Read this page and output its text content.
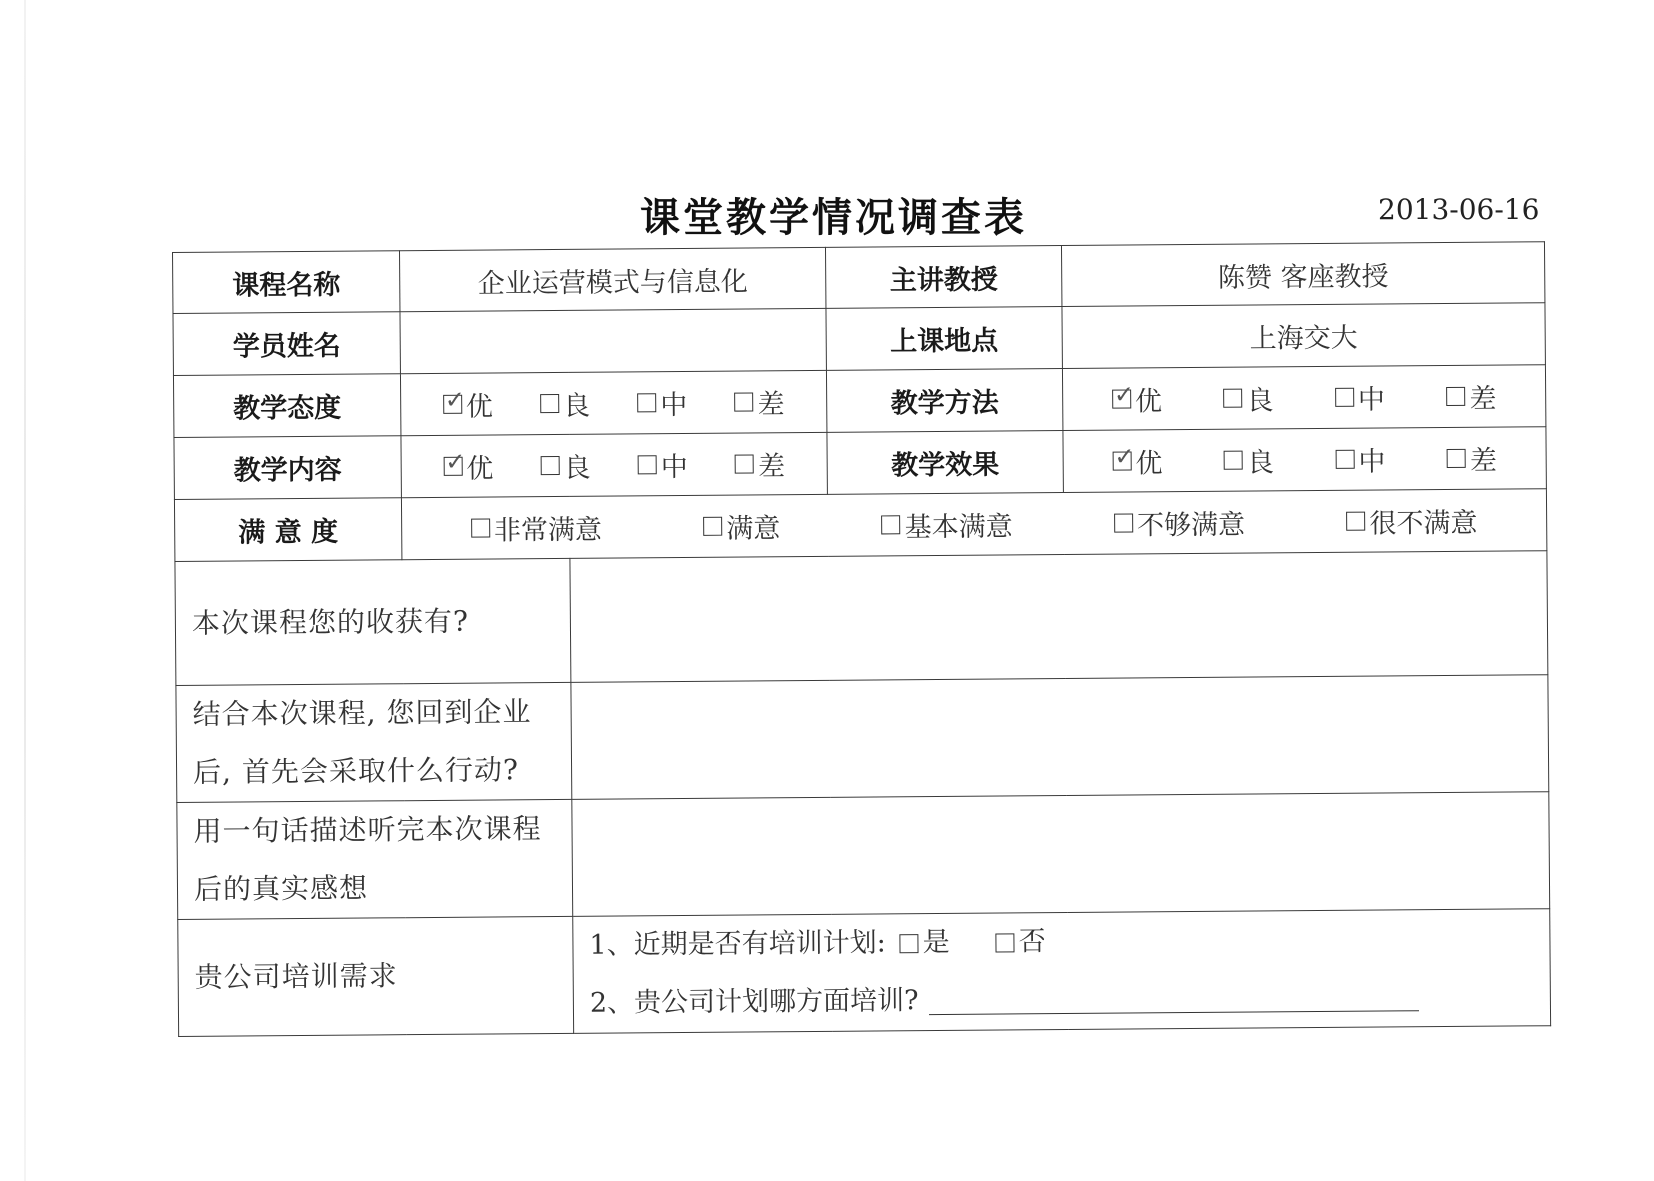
课堂教学情况调查表	2013-06-16
课程名称	企业运营模式与信息化		主讲教授	陈赞 客座教授
学员姓名			上课地点	上海交大
教学态度	✓ 优 良 中 差		教学方法	✓ 优 良 中 差

教学内容	✓ 优 良 中 差		教学效果	✓ 优 良 中 差

满 意 度	非常满意 满意 基本满意 不够满意 很不满意			

本次课程您的收获有?				

结合本次课程, 您回到企业
后, 首先会采取什么行动?				

用一句话描述听完本次课程
后的真实感想				

贵公司培训需求		1、近期是否有培训计划: 是 否
2、贵公司计划哪方面培训?		
